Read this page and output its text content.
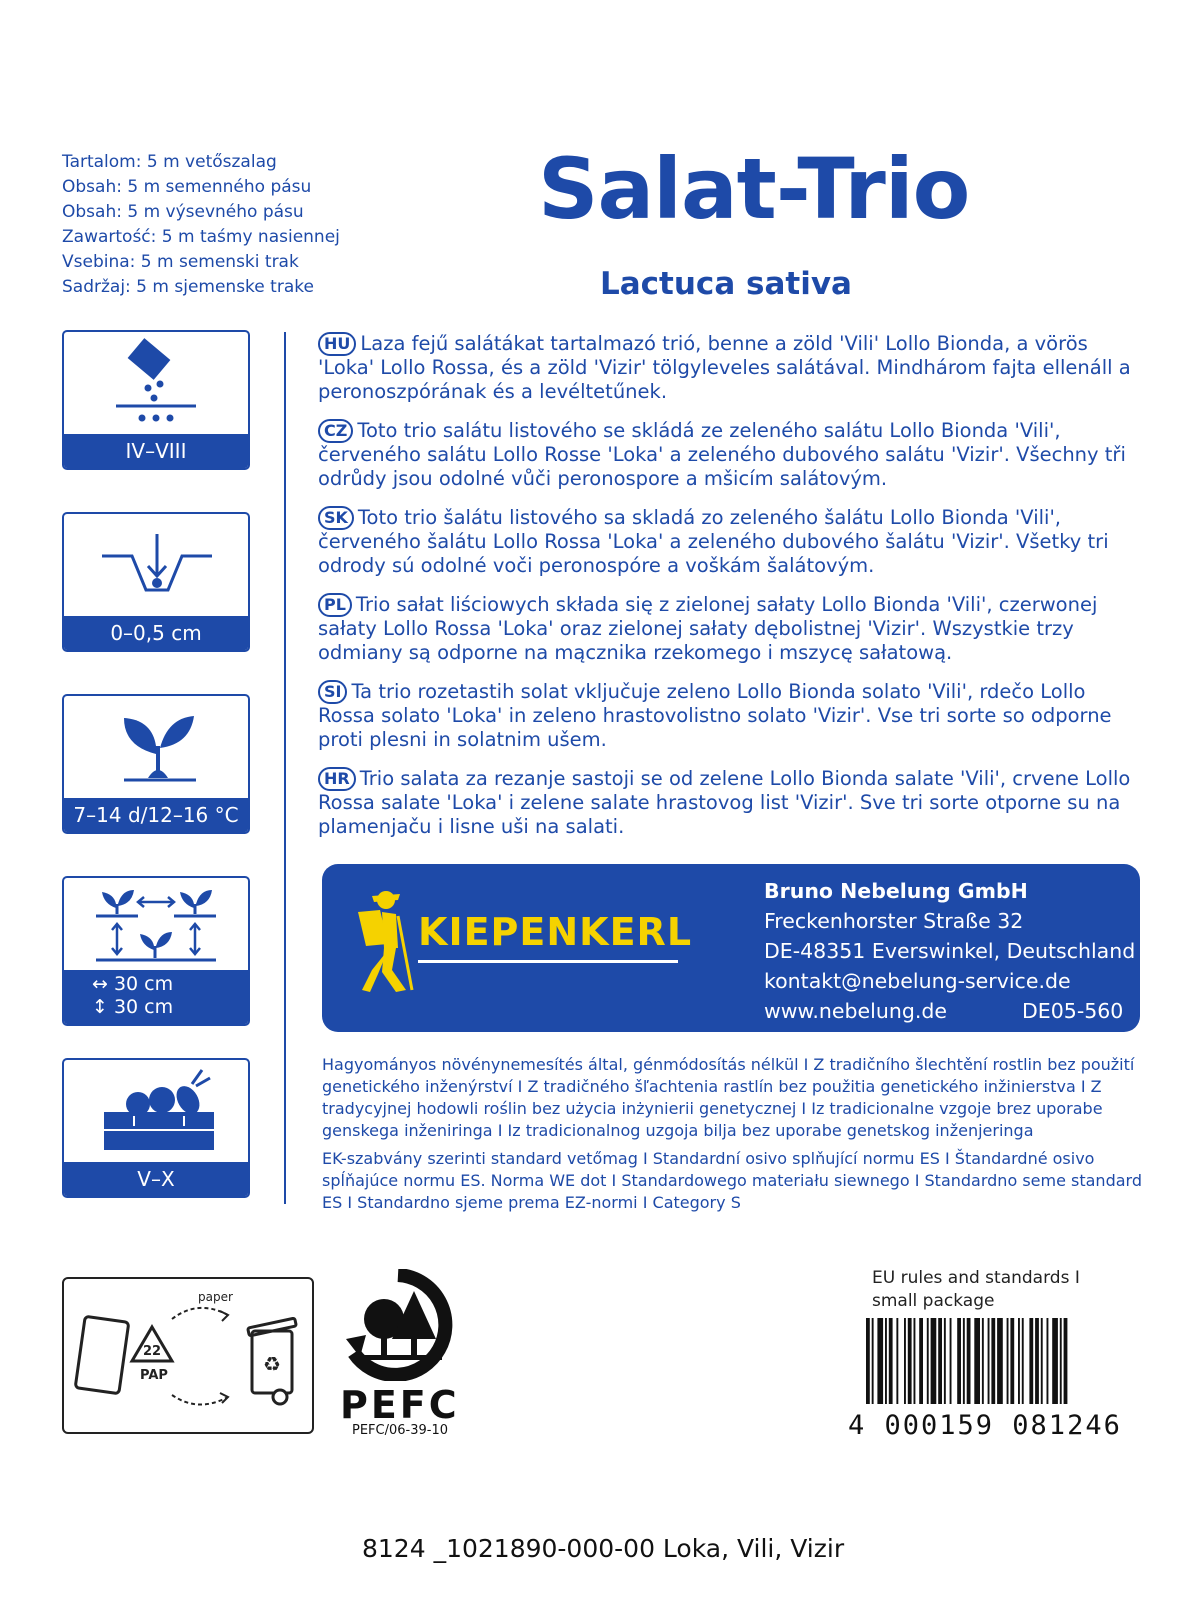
Tartalom: 5 m vetőszalag
Obsah: 5 m semenného pásu
Obsah: 5 m výsevného pásu
Zawartość: 5 m taśmy nasiennej
Vsebina: 5 m semenski trak
Sadržaj: 5 m sjemenske trake
Salat-Trio
Lactuca sativa
IV–VIII
0–0,5 cm
7–14 d/12–16 °C
↔ 30 cm
↕ 30 cm
V–X

HU Laza fejű salátákat tartalmazó trió, benne a zöld 'Vili' Lollo Bionda, a vörös 'Loka' Lollo Rossa, és a zöld 'Vizir' tölgyleveles salátával. Mindhárom fajta ellenáll a peronoszpórának és a levéltetűnek.

CZ Toto trio salátu listového se skládá ze zeleného salátu Lollo Bionda 'Vili', červeného salátu Lollo Rosse 'Loka' a zeleného dubového salátu 'Vizir'. Všechny tři odrůdy jsou odolné vůči peronospore a mšicím salátovým.

SK Toto trio šalátu listového sa skladá zo zeleného šalátu Lollo Bionda 'Vili', červeného šalátu Lollo Rossa 'Loka' a zeleného dubového šalátu 'Vizir'. Všetky tri odrody sú odolné voči peronospóre a voškám šalátovým.

PL Trio sałat liściowych składa się z zielonej sałaty Lollo Bionda 'Vili', czerwonej sałaty Lollo Rossa 'Loka' oraz zielonej sałaty dębolistnej 'Vizir'. Wszystkie trzy odmiany są odporne na mącznika rzekomego i mszycę sałatową.

SI Ta trio rozetastih solat vključuje zeleno Lollo Bionda solato 'Vili', rdečo Lollo Rossa solato 'Loka' in zeleno hrastovolistno solato 'Vizir'. Vse tri sorte so odporne proti plesni in solatnim ušem.

HR Trio salata za rezanje sastoji se od zelene Lollo Bionda salate 'Vili', crvene Lollo Rossa salate 'Loka' i zelene salate hrastovog list 'Vizir'. Sve tri sorte otporne su na plamenjaču i lisne uši na salati.

KIEPENKERL
Bruno Nebelung GmbH
Freckenhorster Straße 32
DE-48351 Everswinkel, Deutschland
kontakt@nebelung-service.de
www.nebelung.de	DE05-560
Hagyományos növénynemesítés által, génmódosítás nélkül I Z tradičního šlechtění rostlin bez použití genetického inženýrství I Z tradičného šľachtenia rastlín bez použitia genetického inžinierstva I Z tradycyjnej hodowli roślin bez użycia inżynierii genetycznej I Iz tradicionalne vzgoje brez uporabe genskega inženiringa I Iz tradicionalnog uzgoja bilja bez uporabe genetskog inženjeringa
EK-szabvány szerinti standard vetőmag I Standardní osivo splňující normu ES I Štandardné osivo spĺňajúce normu ES. Norma WE dot I Standardowego materiału siewnego I Standardno seme standard ES I Standardno sjeme prema EZ-normi I Category S
22
PAP
paper
♻
PEFC
PEFC/06-39-10
EU rules and standards I
small package
4 000159 081246
8124 _1021890-000-00 Loka, Vili, Vizir
